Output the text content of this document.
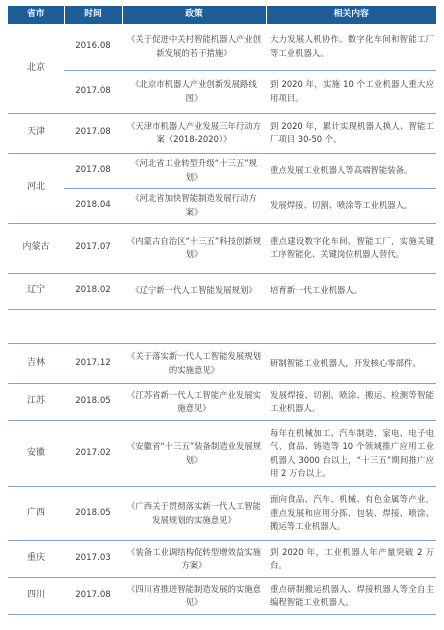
省市	时间	政策	相关内容
北京	2016.08	《关于促进中关村智能机器人产业创新发展的若干措施》	大力发展人机协作、数字化车间和智能工厂等工业机器人。
	2017.08	《北京市机器人产业创新发展路线图》	到 2020 年，实施 10 个工业机器人重大应用项目。
天津	2017.08	《天津市机器人产业发展三年行动方案（2018-2020）》	到 2020 年，累计实现机器人换人、智能工厂项目 30-50 个。
河北	2017.08	《河北省工业转型升级“十三五”规划》	重点发展工业机器人等高端智能装备。
	2018.04	《河北省加快智能制造发展行动方案》	发展焊接、切割、喷涂等工业机器人。
内蒙古	2017.07	《内蒙古自治区“十三五”科技创新规划》	重点建设数字化车间、智能工厂，实施关键工序智能化、关键岗位机器人替代。
辽宁	2018.02	《辽宁新一代人工智能发展规划》	培育新一代工业机器人。
吉林	2017.12	《关于落实新一代人工智能发展规划的实施意见》	研制智能工业机器人，开发核心零部件。
江苏	2018.05	《江苏省新一代人工智能产业发展实施意见》	发展焊接、切割、喷涂、搬运、检测等智能工业机器人。
安徽	2017.02	《安徽省“十三五”装备制造业发展规划》	每年在机械加工、汽车制造、家电、电子电气、食品、铸造等 10 个领域推广应用工业机器人 3000 台以上，“十三五”期间推广应用 2 万台以上。
广西	2018.05	《广西关于贯彻落实新一代人工智能发展规划的实施意见》	面向食品、汽车、机械、有色金属等产业，重点发展和应用分拣、包装、焊接、喷涂、搬运等工业机器人。
重庆	2017.03	《装备工业调结构促转型增效益实施方案》	到 2020 年，工业机器人年产量突破 2 万台。
四川	2017.08	《四川省推进智能制造发展的实施意见》	重点研制搬运机器人、焊接机器人等全自主编程智能工业机器人。
